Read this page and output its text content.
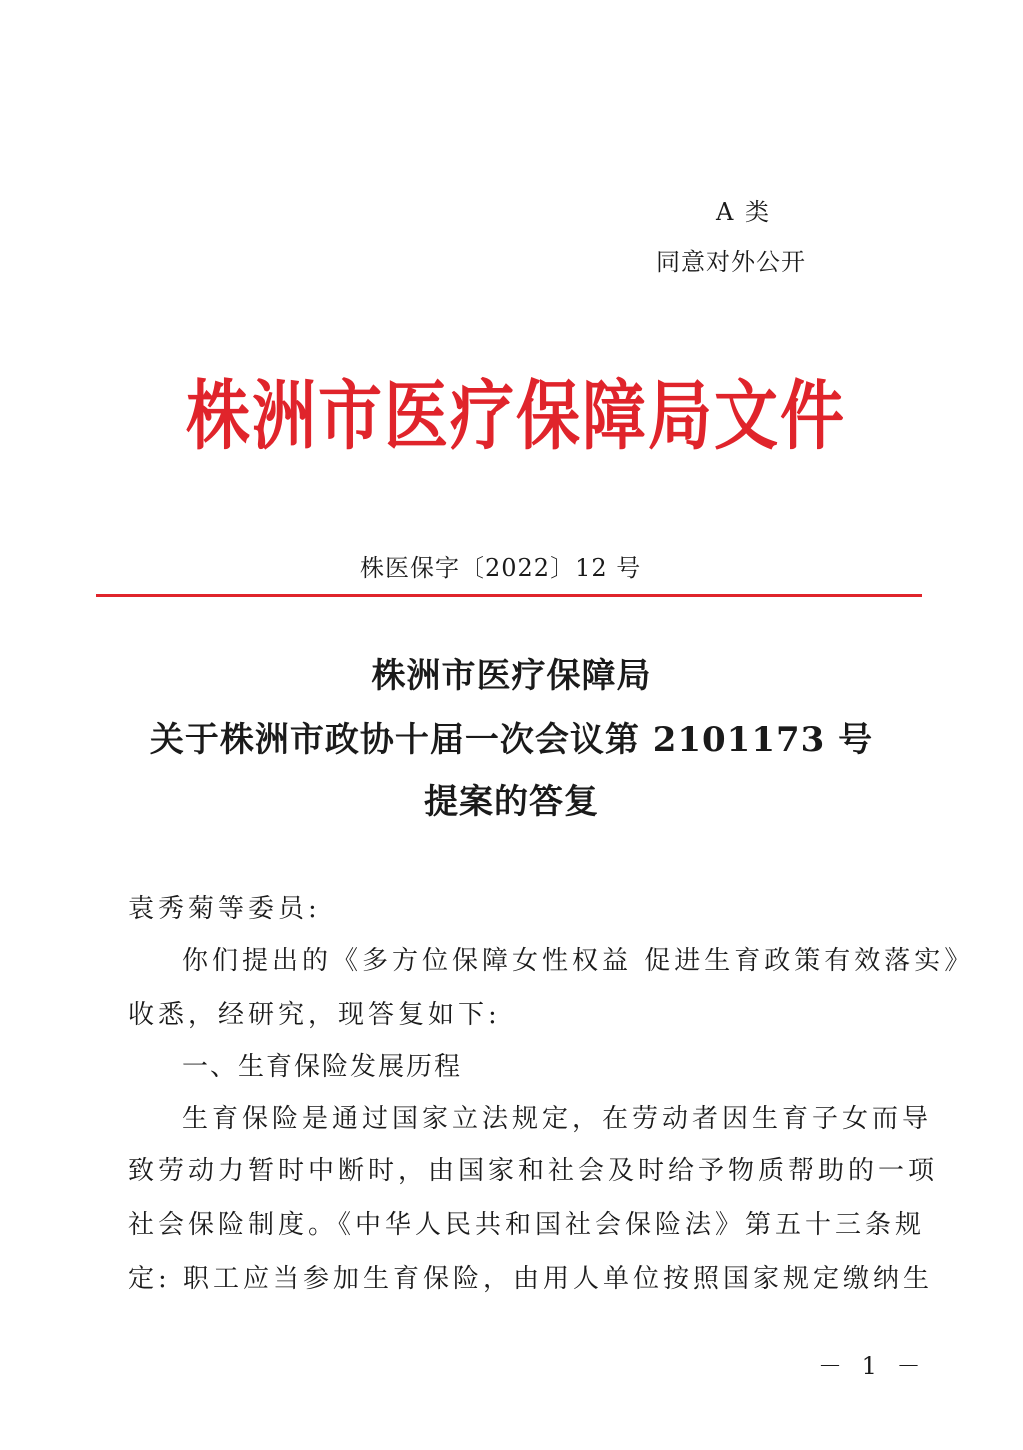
A 类
同意对外公开
株洲市医疗保障局文件
株医保字〔2022〕12 号
株洲市医疗保障局
关于株洲市政协十届一次会议第 2101173 号
提案的答复
袁秀菊等委员:
你们提出的《多方位保障女性权益 促进生育政策有效落实》
收悉，经研究，现答复如下:
一、生育保险发展历程
生育保险是通过国家立法规定，在劳动者因生育子女而导
致劳动力暂时中断时，由国家和社会及时给予物质帮助的一项
社会保险制度。《中华人民共和国社会保险法》第五十三条规
定: 职工应当参加生育保险，由用人单位按照国家规定缴纳生
－ 1 －
